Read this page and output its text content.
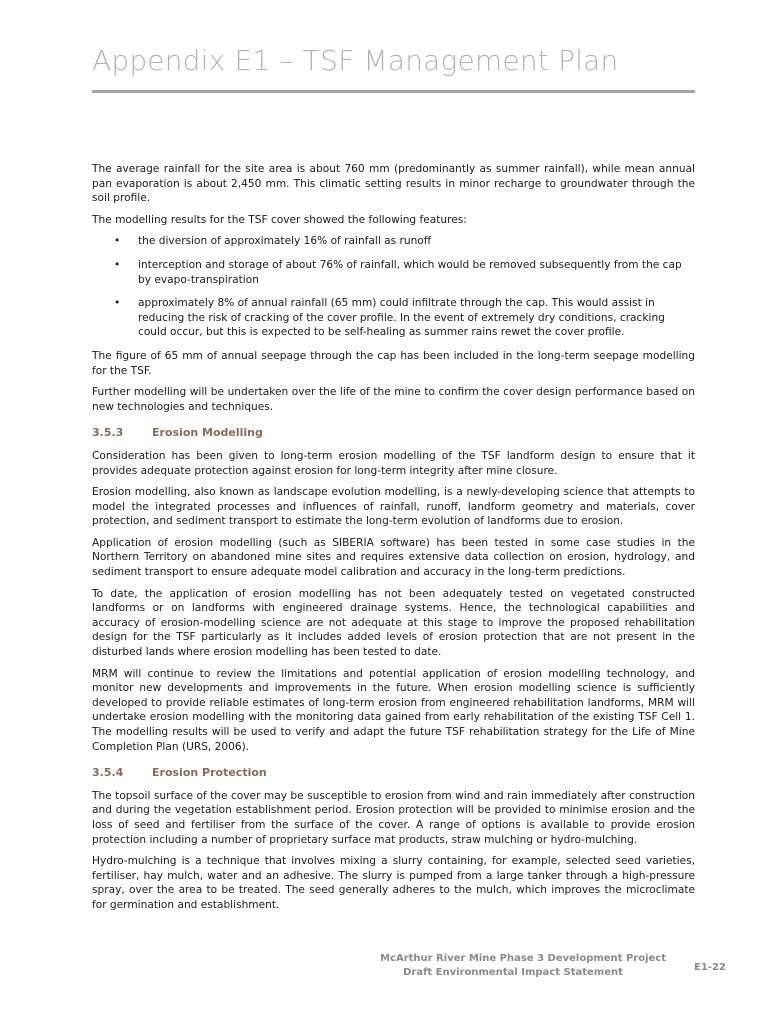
Appendix E1 – TSF Management Plan

The average rainfall for the site area is about 760 mm (predominantly as summer rainfall), while mean annual pan evaporation is about 2,450 mm. This climatic setting results in minor recharge to groundwater through the soil profile.

The modelling results for the TSF cover showed the following features:

• the diversion of approximately 16% of rainfall as runoff
• interception and storage of about 76% of rainfall, which would be removed subsequently from the cap by evapo-transpiration
• approximately 8% of annual rainfall (65 mm) could infiltrate through the cap. This would assist in reducing the risk of cracking of the cover profile. In the event of extremely dry conditions, cracking could occur, but this is expected to be self-healing as summer rains rewet the cover profile.

The figure of 65 mm of annual seepage through the cap has been included in the long-term seepage modelling for the TSF.

Further modelling will be undertaken over the life of the mine to confirm the cover design performance based on new technologies and techniques.

3.5.3	Erosion Modelling

Consideration has been given to long-term erosion modelling of the TSF landform design to ensure that it provides adequate protection against erosion for long-term integrity after mine closure.

Erosion modelling, also known as landscape evolution modelling, is a newly-developing science that attempts to model the integrated processes and influences of rainfall, runoff, landform geometry and materials, cover protection, and sediment transport to estimate the long-term evolution of landforms due to erosion.

Application of erosion modelling (such as SIBERIA software) has been tested in some case studies in the Northern Territory on abandoned mine sites and requires extensive data collection on erosion, hydrology, and sediment transport to ensure adequate model calibration and accuracy in the long-term predictions.

To date, the application of erosion modelling has not been adequately tested on vegetated constructed landforms or on landforms with engineered drainage systems. Hence, the technological capabilities and accuracy of erosion-modelling science are not adequate at this stage to improve the proposed rehabilitation design for the TSF particularly as it includes added levels of erosion protection that are not present in the disturbed lands where erosion modelling has been tested to date.

MRM will continue to review the limitations and potential application of erosion modelling technology, and monitor new developments and improvements in the future. When erosion modelling science is sufficiently developed to provide reliable estimates of long-term erosion from engineered rehabilitation landforms, MRM will undertake erosion modelling with the monitoring data gained from early rehabilitation of the existing TSF Cell 1. The modelling results will be used to verify and adapt the future TSF rehabilitation strategy for the Life of Mine Completion Plan (URS, 2006).

3.5.4	Erosion Protection

The topsoil surface of the cover may be susceptible to erosion from wind and rain immediately after construction and during the vegetation establishment period. Erosion protection will be provided to minimise erosion and the loss of seed and fertiliser from the surface of the cover. A range of options is available to provide erosion protection including a number of proprietary surface mat products, straw mulching or hydro-mulching.

Hydro-mulching is a technique that involves mixing a slurry containing, for example, selected seed varieties, fertiliser, hay mulch, water and an adhesive. The slurry is pumped from a large tanker through a high-pressure spray, over the area to be treated. The seed generally adheres to the mulch, which improves the microclimate for germination and establishment.

McArthur River Mine Phase 3 Development Project
Draft Environmental Impact Statement	E1-22
